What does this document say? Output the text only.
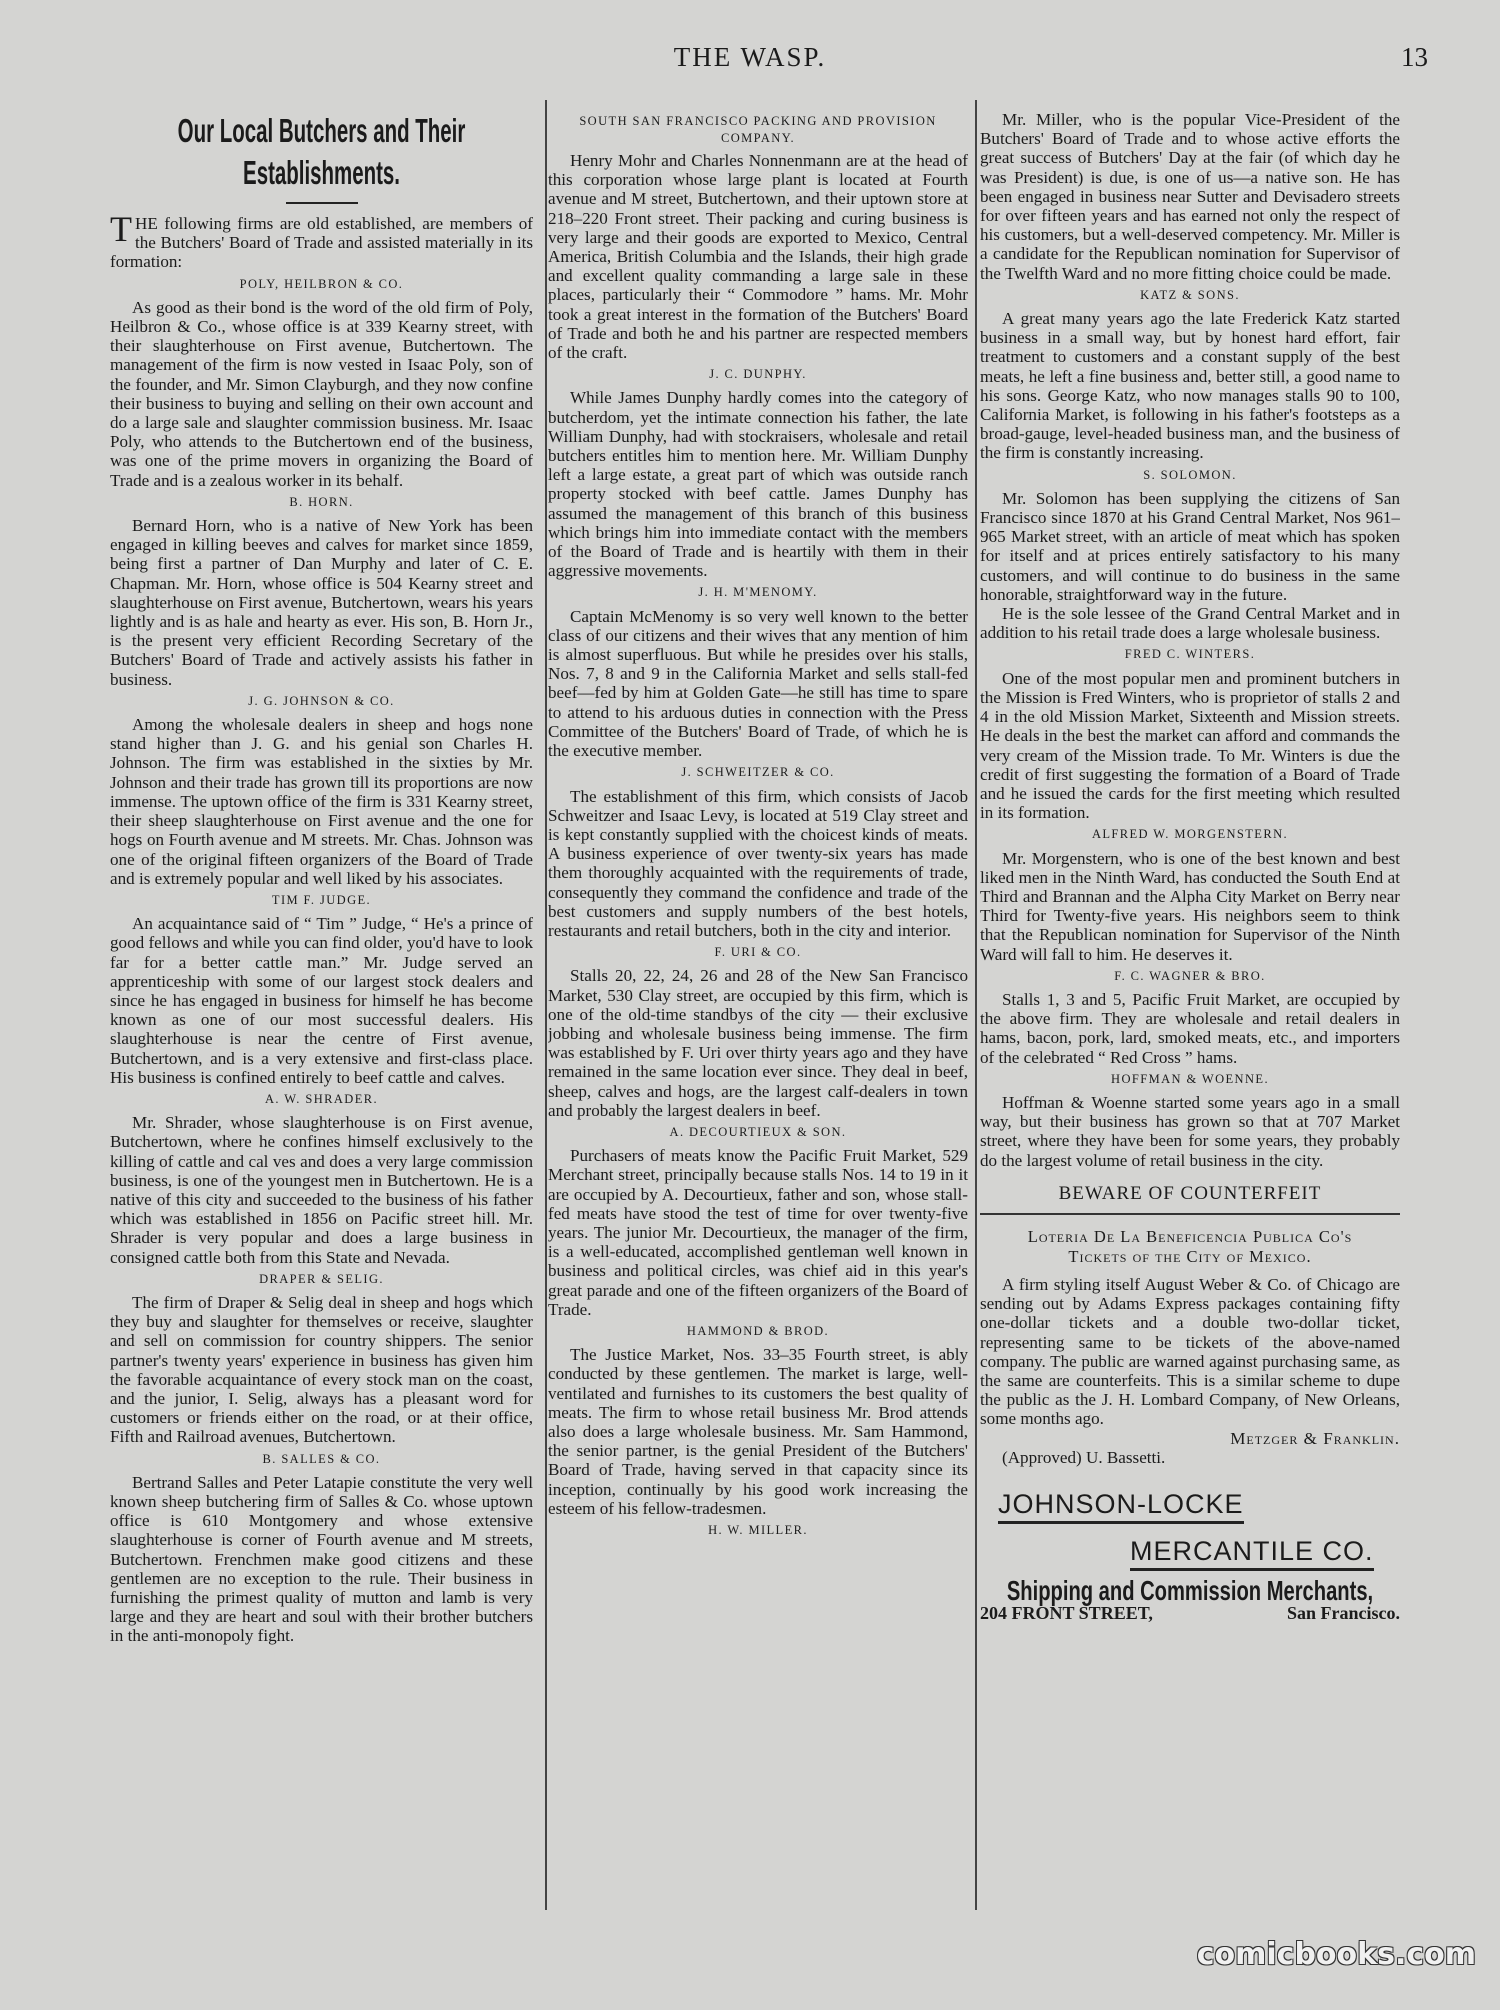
THE WASP.	13
Our Local Butchers and Their Establishments.

THE following firms are old established, are members of the Butchers' Board of Trade and assisted materially in its formation:

POLY, HEILBRON & CO.

As good as their bond is the word of the old firm of Poly, Heilbron & Co., whose office is at 339 Kearny street, with their slaughterhouse on First avenue, Butchertown. The management of the firm is now vested in Isaac Poly, son of the founder, and Mr. Simon Clayburgh, and they now confine their business to buying and selling on their own account and do a large sale and slaughter commission business. Mr. Isaac Poly, who attends to the Butchertown end of the business, was one of the prime movers in organizing the Board of Trade and is a zealous worker in its behalf.

B. HORN.

Bernard Horn, who is a native of New York has been engaged in killing beeves and calves for market since 1859, being first a partner of Dan Murphy and later of C. E. Chapman. Mr. Horn, whose office is 504 Kearny street and slaughterhouse on First avenue, Butchertown, wears his years lightly and is as hale and hearty as ever. His son, B. Horn Jr., is the present very efficient Recording Secretary of the Butchers' Board of Trade and actively assists his father in business.

J. G. JOHNSON & CO.

Among the wholesale dealers in sheep and hogs none stand higher than J. G. and his genial son Charles H. Johnson. The firm was established in the sixties by Mr. Johnson and their trade has grown till its proportions are now immense. The uptown office of the firm is 331 Kearny street, their sheep slaughterhouse on First avenue and the one for hogs on Fourth avenue and M streets. Mr. Chas. Johnson was one of the original fifteen organizers of the Board of Trade and is extremely popular and well liked by his associates.

TIM F. JUDGE.

An acquaintance said of “ Tim ” Judge, “ He's a prince of good fellows and while you can find older, you'd have to look far for a better cattle man.” Mr. Judge served an apprenticeship with some of our largest stock dealers and since he has engaged in business for himself he has become known as one of our most successful dealers. His slaughterhouse is near the centre of First avenue, Butchertown, and is a very extensive and first-class place. His business is confined entirely to beef cattle and calves.

A. W. SHRADER.

Mr. Shrader, whose slaughterhouse is on First avenue, Butchertown, where he confines himself exclusively to the killing of cattle and cal ves and does a very large commission business, is one of the youngest men in Butchertown. He is a native of this city and succeeded to the business of his father which was established in 1856 on Pacific street hill. Mr. Shrader is very popular and does a large business in consigned cattle both from this State and Nevada.

DRAPER & SELIG.

The firm of Draper & Selig deal in sheep and hogs which they buy and slaughter for themselves or receive, slaughter and sell on commission for country shippers. The senior partner's twenty years' experience in business has given him the favorable acquaintance of every stock man on the coast, and the junior, I. Selig, always has a pleasant word for customers or friends either on the road, or at their office, Fifth and Railroad avenues, Butchertown.

B. SALLES & CO.

Bertrand Salles and Peter Latapie constitute the very well known sheep butchering firm of Salles & Co. whose uptown office is 610 Montgomery and whose extensive slaughterhouse is corner of Fourth avenue and M streets, Butchertown. Frenchmen make good citizens and these gentlemen are no exception to the rule. Their business in furnishing the primest quality of mutton and lamb is very large and they are heart and soul with their brother butchers in the anti-monopoly fight.

SOUTH SAN FRANCISCO PACKING AND PROVISION COMPANY.

Henry Mohr and Charles Nonnenmann are at the head of this corporation whose large plant is located at Fourth avenue and M street, Butchertown, and their uptown store at 218–220 Front street. Their packing and curing business is very large and their goods are exported to Mexico, Central America, British Columbia and the Islands, their high grade and excellent quality commanding a large sale in these places, particularly their “ Commodore ” hams. Mr. Mohr took a great interest in the formation of the Butchers' Board of Trade and both he and his partner are respected members of the craft.

J. C. DUNPHY.

While James Dunphy hardly comes into the category of butcherdom, yet the intimate connection his father, the late William Dunphy, had with stockraisers, wholesale and retail butchers entitles him to mention here. Mr. William Dunphy left a large estate, a great part of which was outside ranch property stocked with beef cattle. James Dunphy has assumed the management of this branch of this business which brings him into immediate contact with the members of the Board of Trade and is heartily with them in their aggressive movements.

J. H. M'MENOMY.

Captain McMenomy is so very well known to the better class of our citizens and their wives that any mention of him is almost superfluous. But while he presides over his stalls, Nos. 7, 8 and 9 in the California Market and sells stall-fed beef—fed by him at Golden Gate—he still has time to spare to attend to his arduous duties in connection with the Press Committee of the Butchers' Board of Trade, of which he is the executive member.

J. SCHWEITZER & CO.

The establishment of this firm, which consists of Jacob Schweitzer and Isaac Levy, is located at 519 Clay street and is kept constantly supplied with the choicest kinds of meats. A business experience of over twenty-six years has made them thoroughly acquainted with the requirements of trade, consequently they command the confidence and trade of the best customers and supply numbers of the best hotels, restaurants and retail butchers, both in the city and interior.

F. URI & CO.

Stalls 20, 22, 24, 26 and 28 of the New San Francisco Market, 530 Clay street, are occupied by this firm, which is one of the old-time standbys of the city — their exclusive jobbing and wholesale business being immense. The firm was established by F. Uri over thirty years ago and they have remained in the same location ever since. They deal in beef, sheep, calves and hogs, are the largest calf-dealers in town and probably the largest dealers in beef.

A. DECOURTIEUX & SON.

Purchasers of meats know the Pacific Fruit Market, 529 Merchant street, principally because stalls Nos. 14 to 19 in it are occupied by A. Decourtieux, father and son, whose stall-fed meats have stood the test of time for over twenty-five years. The junior Mr. Decourtieux, the manager of the firm, is a well-educated, accomplished gentleman well known in business and political circles, was chief aid in this year's great parade and one of the fifteen organizers of the Board of Trade.

HAMMOND & BROD.

The Justice Market, Nos. 33–35 Fourth street, is ably conducted by these gentlemen. The market is large, well-ventilated and furnishes to its customers the best quality of meats. The firm to whose retail business Mr. Brod attends also does a large wholesale business. Mr. Sam Hammond, the senior partner, is the genial President of the Butchers' Board of Trade, having served in that capacity since its inception, continually by his good work increasing the esteem of his fellow-tradesmen.

H. W. MILLER.

Mr. Miller, who is the popular Vice-President of the Butchers' Board of Trade and to whose active efforts the great success of Butchers' Day at the fair (of which day he was President) is due, is one of us—a native son. He has been engaged in business near Sutter and Devisadero streets for over fifteen years and has earned not only the respect of his customers, but a well-deserved competency. Mr. Miller is a candidate for the Republican nomination for Supervisor of the Twelfth Ward and no more fitting choice could be made.

KATZ & SONS.

A great many years ago the late Frederick Katz started business in a small way, but by honest hard effort, fair treatment to customers and a constant supply of the best meats, he left a fine business and, better still, a good name to his sons. George Katz, who now manages stalls 90 to 100, California Market, is following in his father's footsteps as a broad-gauge, level-headed business man, and the business of the firm is constantly increasing.

S. SOLOMON.

Mr. Solomon has been supplying the citizens of San Francisco since 1870 at his Grand Central Market, Nos 961–965 Market street, with an article of meat which has spoken for itself and at prices entirely satisfactory to his many customers, and will continue to do business in the same honorable, straightforward way in the future.

He is the sole lessee of the Grand Central Market and in addition to his retail trade does a large wholesale business.

FRED C. WINTERS.

One of the most popular men and prominent butchers in the Mission is Fred Winters, who is proprietor of stalls 2 and 4 in the old Mission Market, Sixteenth and Mission streets. He deals in the best the market can afford and commands the very cream of the Mission trade. To Mr. Winters is due the credit of first suggesting the formation of a Board of Trade and he issued the cards for the first meeting which resulted in its formation.

ALFRED W. MORGENSTERN.

Mr. Morgenstern, who is one of the best known and best liked men in the Ninth Ward, has conducted the South End at Third and Brannan and the Alpha City Market on Berry near Third for Twenty-five years. His neighbors seem to think that the Republican nomination for Supervisor of the Ninth Ward will fall to him. He deserves it.

F. C. WAGNER & BRO.

Stalls 1, 3 and 5, Pacific Fruit Market, are occupied by the above firm. They are wholesale and retail dealers in hams, bacon, pork, lard, smoked meats, etc., and importers of the celebrated “ Red Cross ” hams.

HOFFMAN & WOENNE.

Hoffman & Woenne started some years ago in a small way, but their business has grown so that at 707 Market street, where they have been for some years, they probably do the largest volume of retail business in the city.

BEWARE OF COUNTERFEIT
Loteria De La Beneficencia Publica Co's
Tickets of the City of Mexico.

A firm styling itself August Weber & Co. of Chicago are sending out by Adams Express packages containing fifty one-dollar tickets and a double two-dollar ticket, representing same to be tickets of the above-named company. The public are warned against purchasing same, as the same are counterfeits. This is a similar scheme to dupe the public as the J. H. Lombard Company, of New Orleans, some months ago.

Metzger & Franklin.
(Approved) U. Bassetti.
JOHNSON-LOCKE
MERCANTILE CO.
Shipping and Commission Merchants,
204 FRONT STREET,	San Francisco.
comicbooks.com
